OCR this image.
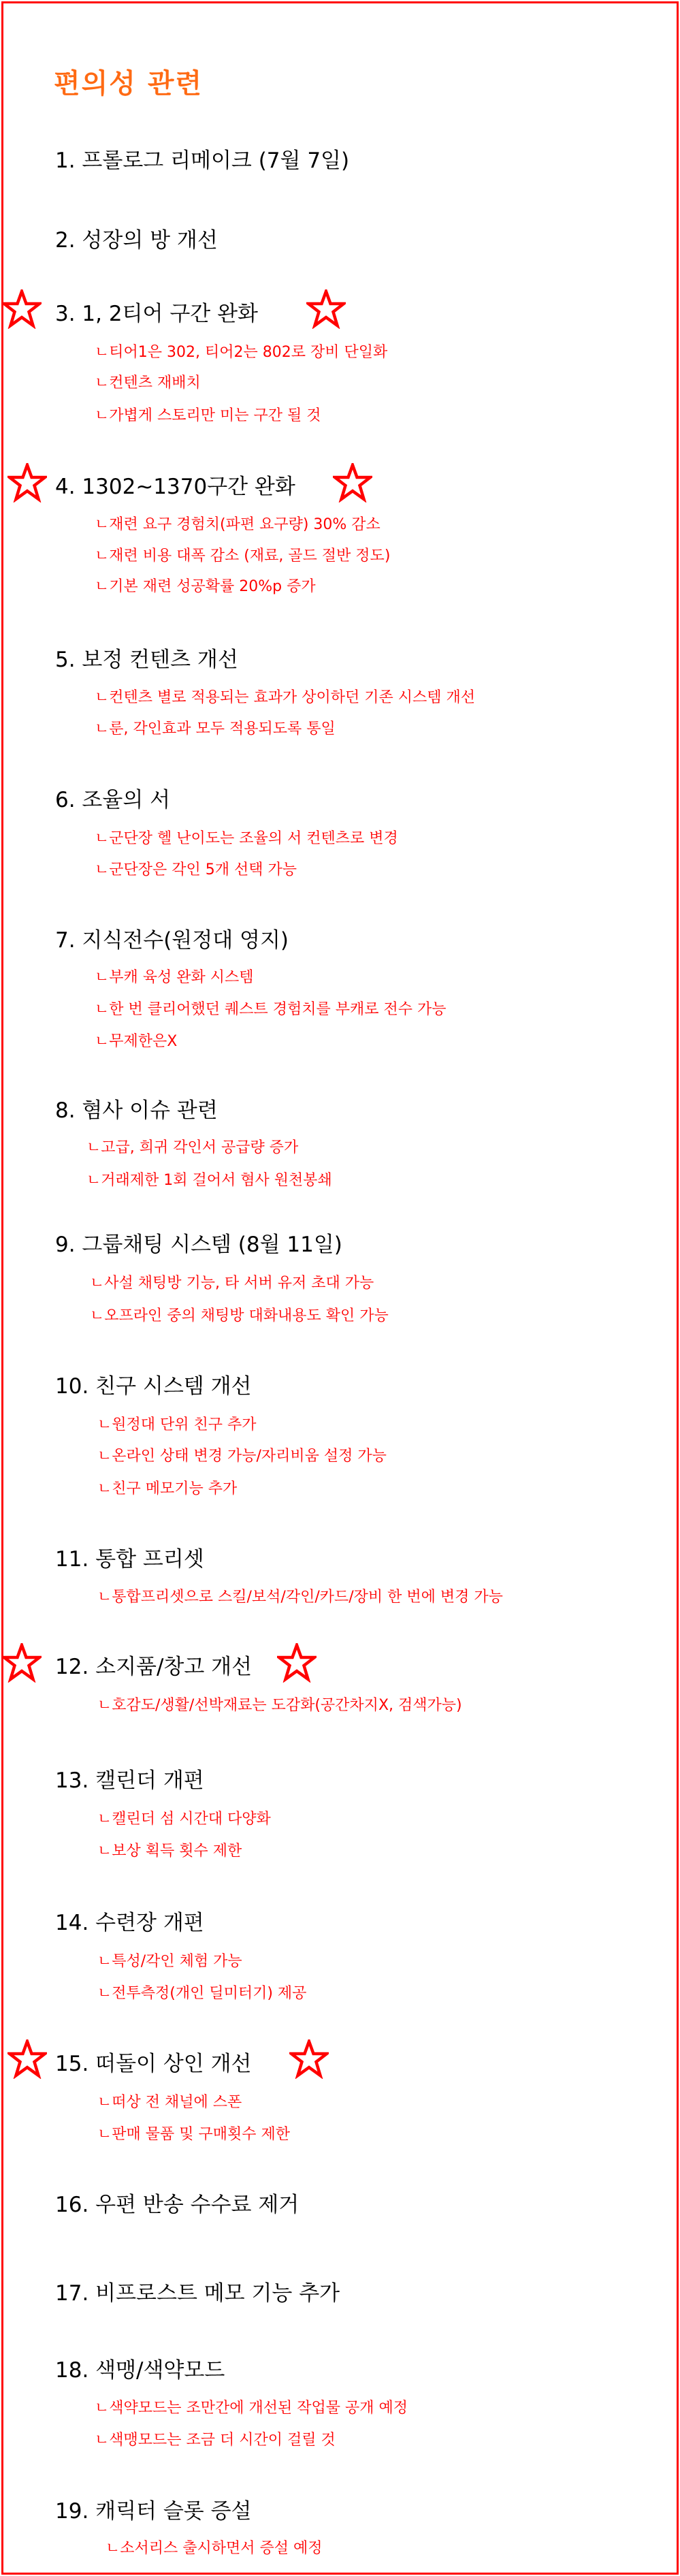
편의성 관련
1. 프롤로그 리메이크 (7월 7일)
2. 성장의 방 개선
3. 1, 2티어 구간 완화
ㄴ티어1은 302, 티어2는 802로 장비 단일화
ㄴ컨텐츠 재배치
ㄴ가볍게 스토리만 미는 구간 될 것
4. 1302~1370구간 완화
ㄴ재련 요구 경험치(파편 요구량) 30% 감소
ㄴ재련 비용 대폭 감소 (재료, 골드 절반 정도)
ㄴ기본 재련 성공확률 20%p 증가
5. 보정 컨텐츠 개선
ㄴ컨텐츠 별로 적용되는 효과가 상이하던 기존 시스템 개선
ㄴ룬, 각인효과 모두 적용되도록 통일
6. 조율의 서
ㄴ군단장 헬 난이도는 조율의 서 컨텐츠로 변경
ㄴ군단장은 각인 5개 선택 가능
7. 지식전수(원정대 영지)
ㄴ부캐 육성 완화 시스템
ㄴ한 번 클리어했던 퀘스트 경험치를 부캐로 전수 가능
ㄴ무제한은X
8. 혐사 이슈 관련
ㄴ고급, 희귀 각인서 공급량 증가
ㄴ거래제한 1회 걸어서 혐사 원천봉쇄
9. 그룹채팅 시스템 (8월 11일)
ㄴ사설 채팅방 기능, 타 서버 유저 초대 가능
ㄴ오프라인 중의 채팅방 대화내용도 확인 가능
10. 친구 시스템 개선
ㄴ원정대 단위 친구 추가
ㄴ온라인 상태 변경 가능/자리비움 설정 가능
ㄴ친구 메모기능 추가
11. 통합 프리셋
ㄴ통합프리셋으로 스킬/보석/각인/카드/장비 한 번에 변경 가능
12. 소지품/창고 개선
ㄴ호감도/생활/선박재료는 도감화(공간차지X, 검색가능)
13. 캘린더 개편
ㄴ캘린더 섬 시간대 다양화
ㄴ보상 획득 횟수 제한
14. 수련장 개편
ㄴ특성/각인 체험 가능
ㄴ전투측정(개인 딜미터기) 제공
15. 떠돌이 상인 개선
ㄴ떠상 전 채널에 스폰
ㄴ판매 물품 및 구매횟수 제한
16. 우편 반송 수수료 제거
17. 비프로스트 메모 기능 추가
18. 색맹/색약모드
ㄴ색약모드는 조만간에 개선된 작업물 공개 예정
ㄴ색맹모드는 조금 더 시간이 걸릴 것
19. 캐릭터 슬롯 증설
ㄴ소서리스 출시하면서 증설 예정
